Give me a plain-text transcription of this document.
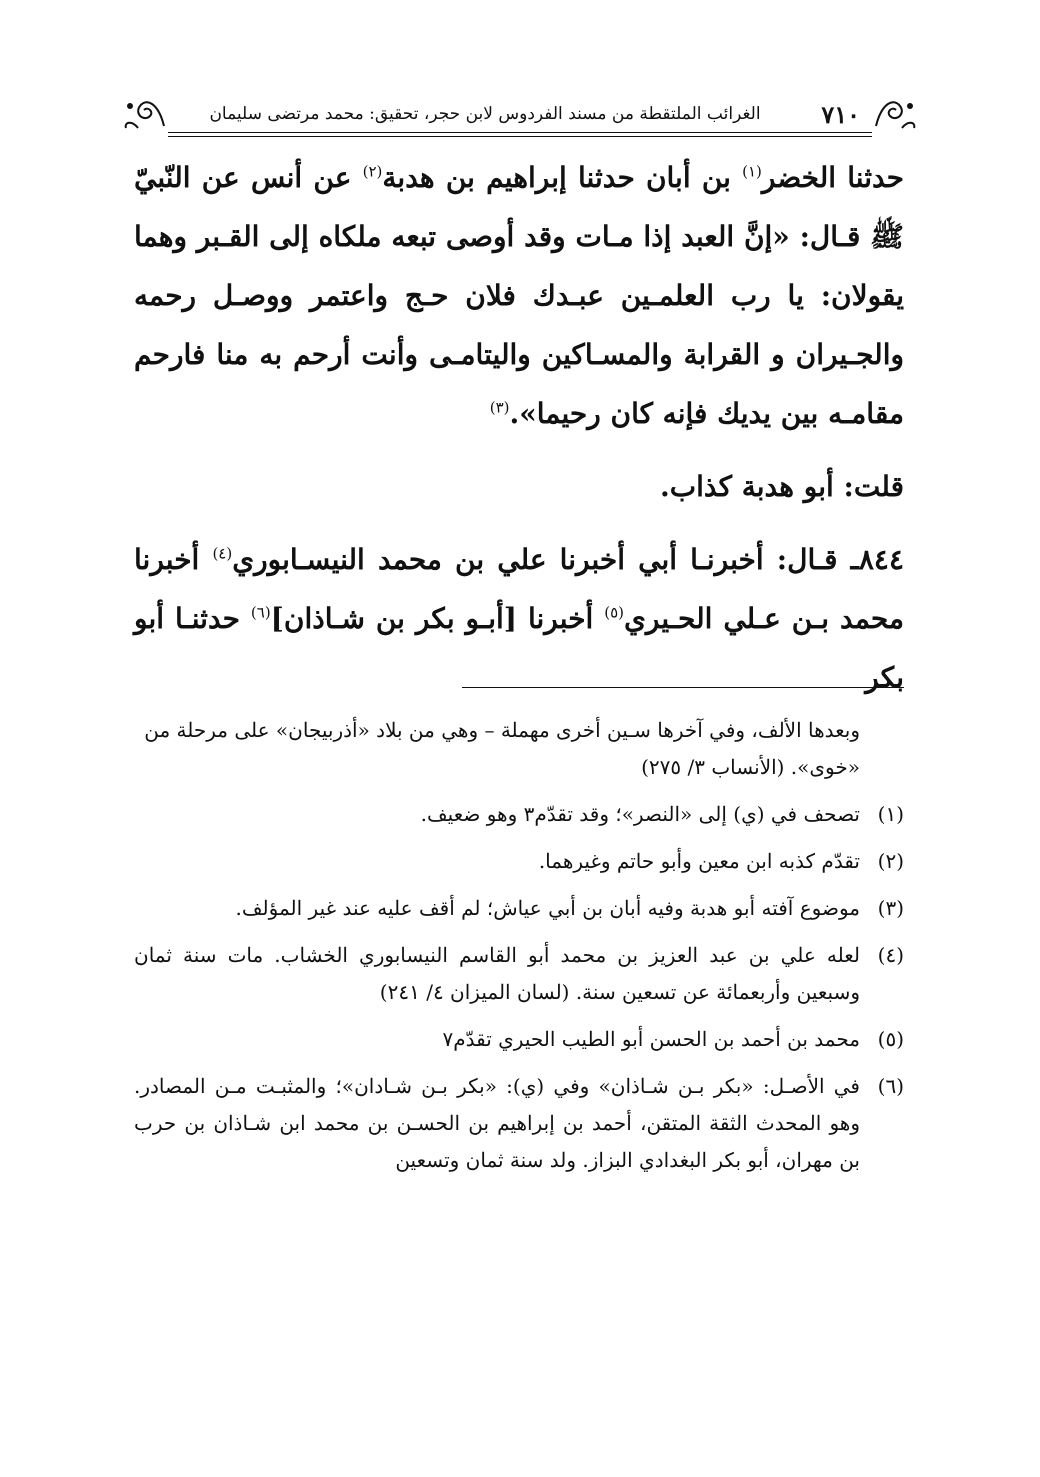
٧١٠
الغرائب الملتقطة من مسند الفردوس لابن حجر، تحقيق: محمد مرتضى سليمان

حدثنا الخضر$^{(١)}$ بن أبان حدثنا إبراهيم بن هدبة$^{(٢)}$ عن أنس عن النّبيّ ﷺ قـال: «إنَّ العبد إذا مـات وقد أوصى تبعه ملكاه إلى القـبر وهما يقولان: يا رب العلمـين عبـدك فلان حـج واعتمر ووصـل رحمه والجـيران و القرابة والمسـاكين واليتامـى وأنت أرحم به منا فارحم مقامـه بين يديك فإنه كان رحيما».$^{(٣)}$

قلت: أبو هدبة كذاب.

٨٤٤ـ قـال: أخبرنـا أبي أخبرنا علي بن محمد النيسـابوري$^{(٤)}$ أخبرنا محمد بـن عـلي الحـيري$^{(٥)}$ أخبرنا [أبـو بكر بن شـاذان]$^{(٦)}$ حدثنـا أبو بكر

وبعدها الألف، وفي آخرها سـين أخرى مهملة – وهي من بلاد «أذربيجان» على مرحلة من «خوى». (الأنساب ٣/ ٢٧٥)
(١)
تصحف في (ي) إلى «النصر»؛ وقد تقدّم٣ وهو ضعيف.
(٢)
تقدّم كذبه ابن معين وأبو حاتم وغيرهما.
(٣)
موضوع آفته أبو هدبة وفيه أبان بن أبي عياش؛ لم أقف عليه عند غير المؤلف.
(٤)
لعله علي بن عبد العزيز بن محمد أبو القاسم النيسابوري الخشاب. مات سنة ثمان وسبعين وأربعمائة عن تسعين سنة. (لسان الميزان ٤/ ٢٤١)
(٥)
محمد بن أحمد بن الحسن أبو الطيب الحيري تقدّم٧
(٦)
في الأصـل: «بكر بـن شـاذان» وفي (ي): «بكر بـن شـادان»؛ والمثبـت مـن المصادر. وهو المحدث الثقة المتقن، أحمد بن إبراهيم بن الحسـن بن محمد ابن شـاذان بن حرب بن مهران، أبو بكر البغدادي البزاز. ولد سنة ثمان وتسعين
